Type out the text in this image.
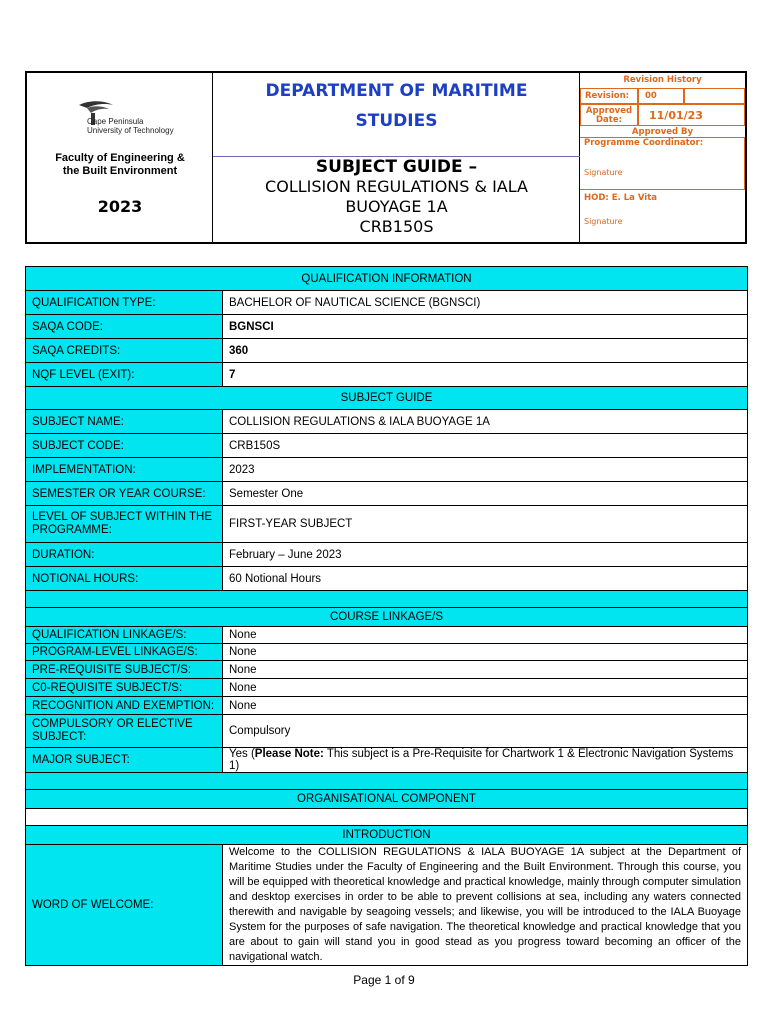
Cape Peninsula
University of Technology
Faculty of Engineering &
the Built Environment
2023
DEPARTMENT OF MARITIME
STUDIES
SUBJECT GUIDE –
COLLISION REGULATIONS & IALA
BUOYAGE 1A
CRB150S
Revision History
Revision:	00
Approved
Date:	11/01/23
Approved By
Programme Coordinator:
Signature
HOD: E. La Vita
Signature
QUALIFICATION INFORMATION	
QUALIFICATION TYPE:	BACHELOR OF NAUTICAL SCIENCE (BGNSCI)
SAQA CODE:	BGNSCI
SAQA CREDITS:	360
NQF LEVEL (EXIT):	7
SUBJECT GUIDE	
SUBJECT NAME:	COLLISION REGULATIONS & IALA BUOYAGE 1A
SUBJECT CODE:	CRB150S
IMPLEMENTATION:	2023
SEMESTER OR YEAR COURSE:	Semester One
LEVEL OF SUBJECT WITHIN THE PROGRAMME:	FIRST-YEAR SUBJECT
DURATION:	February – June 2023
NOTIONAL HOURS:	60 Notional Hours

COURSE LINKAGE/S	
QUALIFICATION LINKAGE/S:	None
PROGRAM-LEVEL LINKAGE/S:	None
PRE-REQUISITE SUBJECT/S:	None
C0-REQUISITE SUBJECT/S:	None
RECOGNITION AND EXEMPTION:	None
COMPULSORY OR ELECTIVE SUBJECT:	Compulsory
MAJOR SUBJECT:	Yes (Please Note: This subject is a Pre-Requisite for Chartwork 1 & Electronic Navigation Systems 1)

ORGANISATIONAL COMPONENT	

INTRODUCTION	
WORD OF WELCOME:	Welcome to the COLLISION REGULATIONS & IALA BUOYAGE 1A subject at the Department of Maritime Studies under the Faculty of Engineering and the Built Environment. Through this course, you will be equipped with theoretical knowledge and practical knowledge, mainly through computer simulation and desktop exercises in order to be able to prevent collisions at sea, including any waters connected therewith and navigable by seagoing vessels; and likewise, you will be introduced to the IALA Buoyage System for the purposes of safe navigation. The theoretical knowledge and practical knowledge that you are about to gain will stand you in good stead as you progress toward becoming an officer of the navigational watch.
Page 1 of 9
